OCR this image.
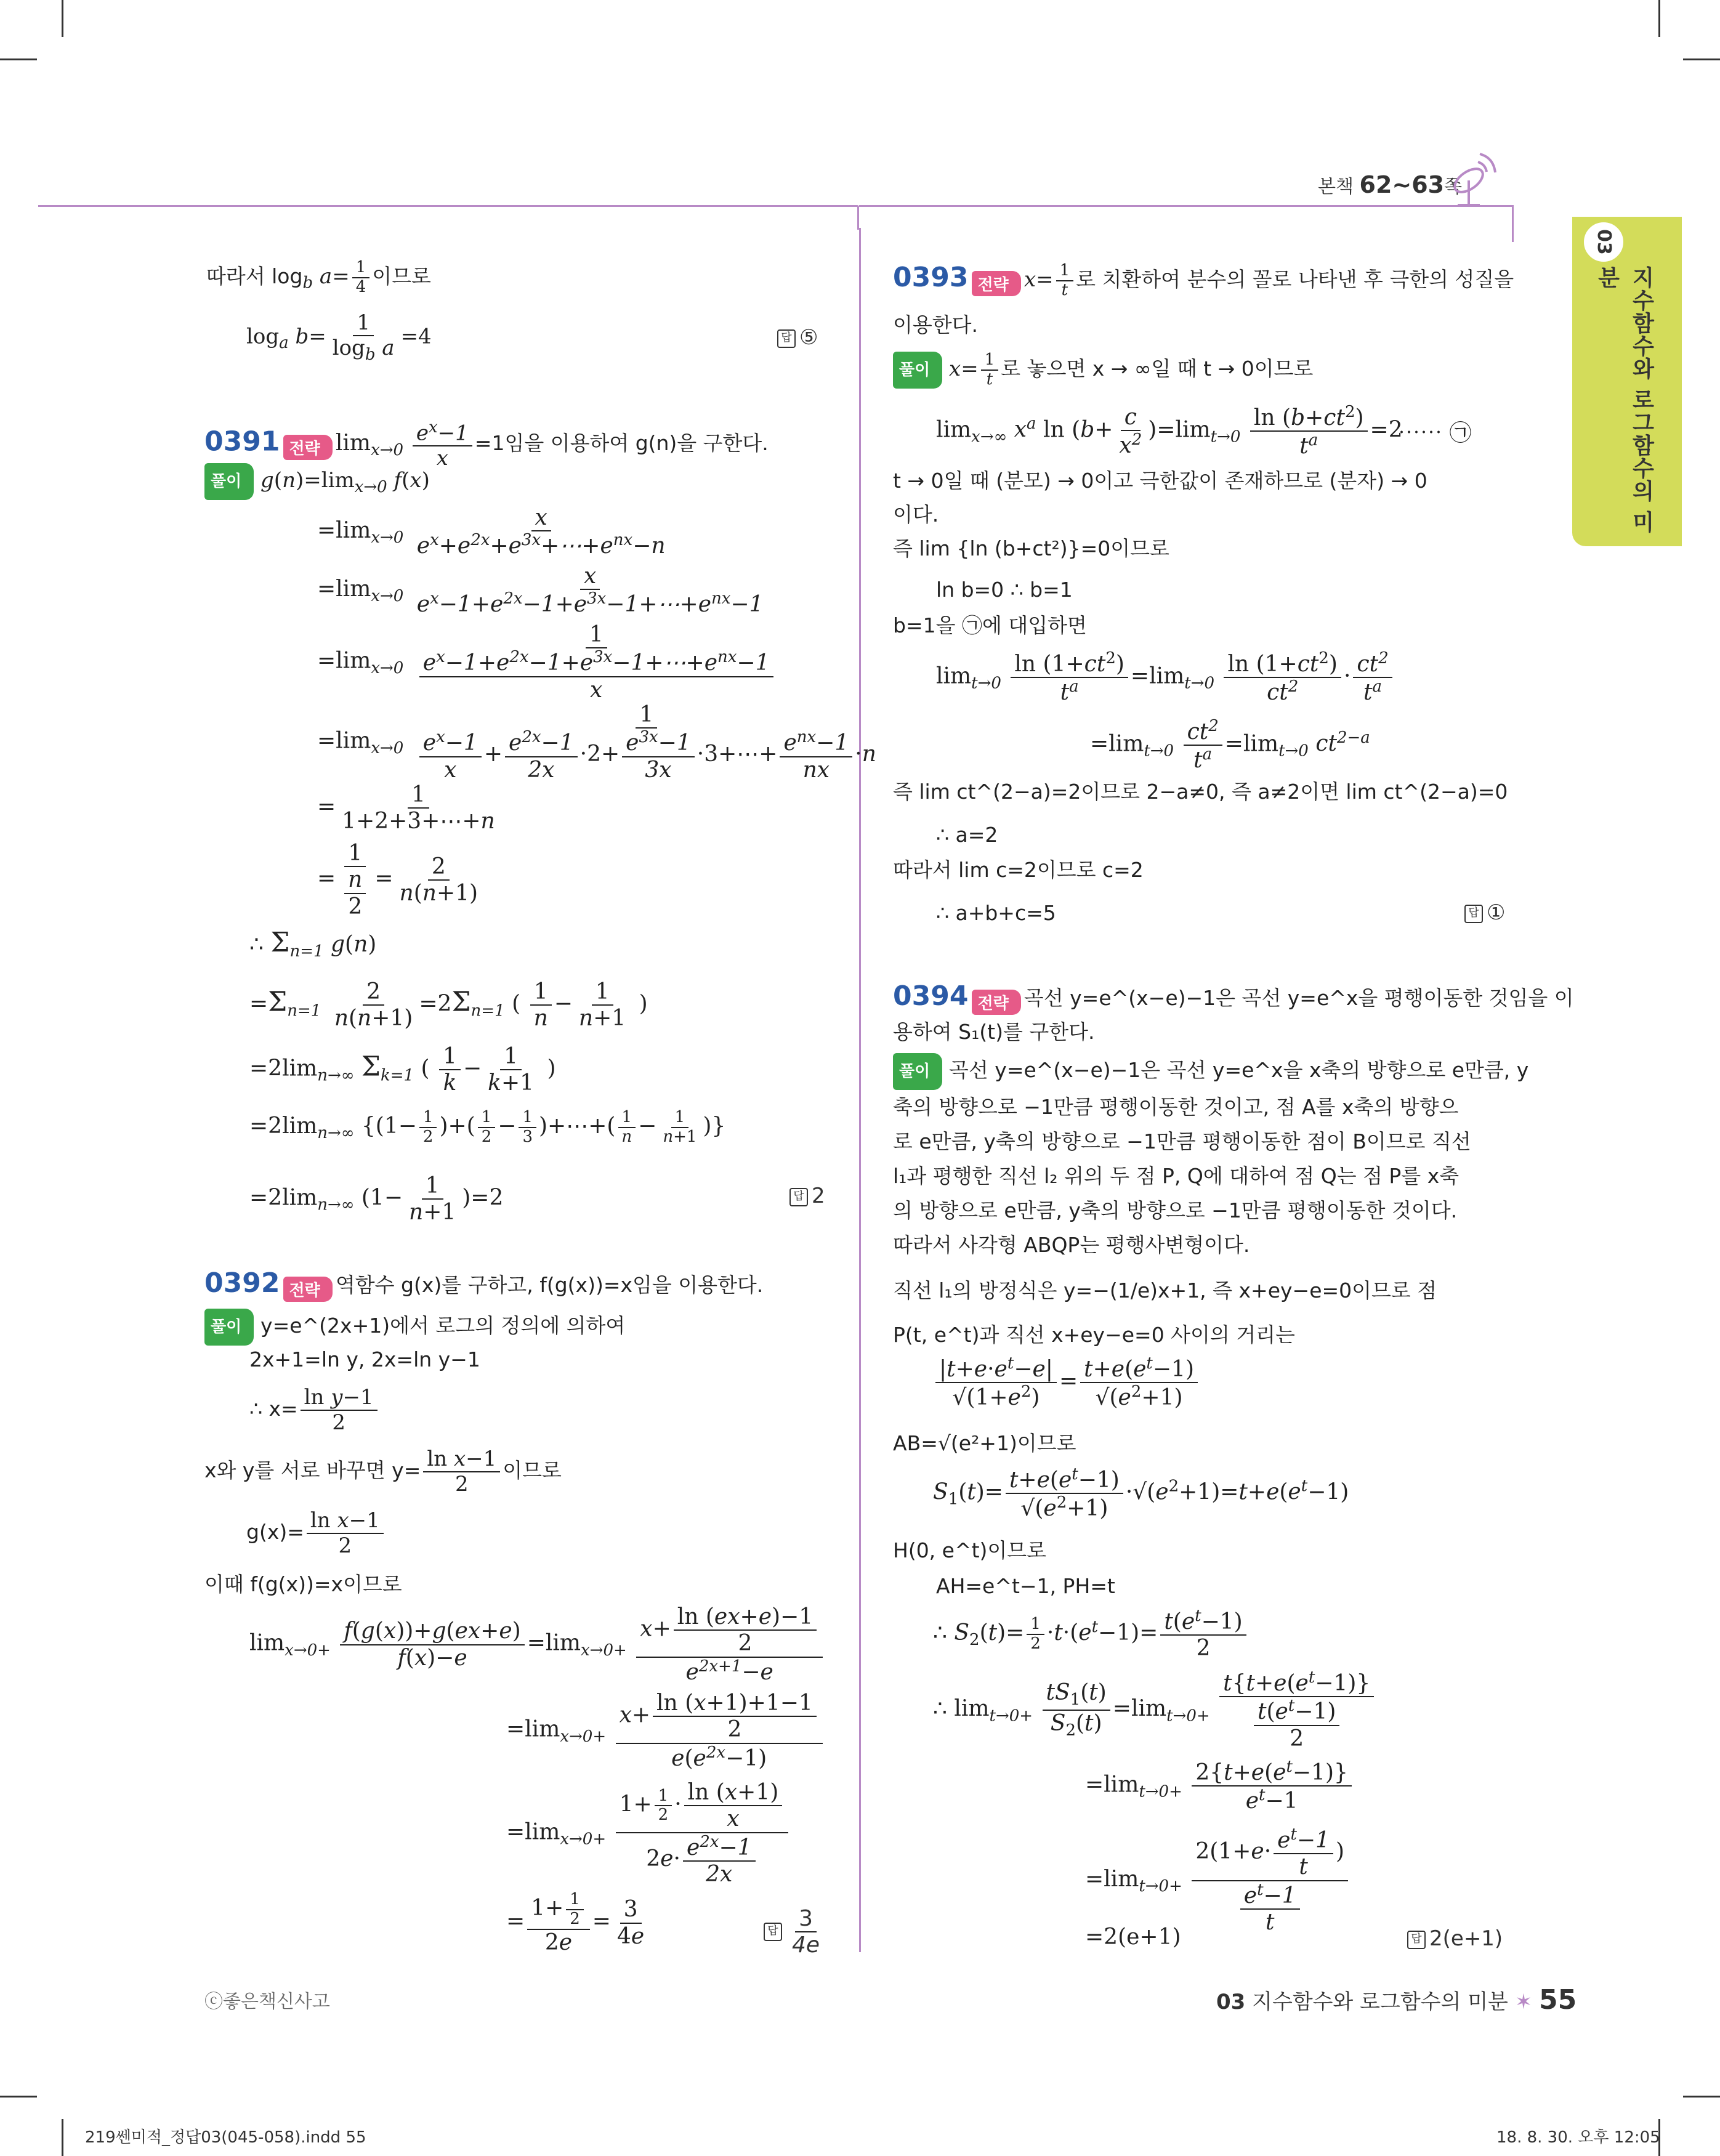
본책 62~63쪽
03
지수함수와 로그함수의 미분
따라서 $\log_b a= \frac{1}{4}$ 이므로
$\log_a b= \frac{1}{\log_b a} =4$	답 ⑤
0391 전략 $\lim_{x\to 0} \frac{e^x-1}{x} =1$임을 이용하여 g(n)을 구한다.
풀이 $g(n)=\lim_{x\to 0}$ f(x)
$=\lim_{x\to 0} \frac{x}{e^x+e^{2x}+e^{3x}+\cdots+e^{nx}-n}$
$=\lim_{x\to 0} \frac{x}{e^x-1+e^{2x}-1+e^{3x}-1+\cdots+e^{nx}-1}$
$=\lim_{x\to 0} \frac{1}{\frac{e^x-1+e^{2x}-1+e^{3x}-1+\cdots+e^{nx}-1}{x}}$
$=\lim_{x\to 0} \frac{1}{\frac{e^x-1}{x} + \frac{e^{2x}-1}{2x} \cdot 2+ \frac{e^{3x}-1}{3x} \cdot 3+\cdots+ \frac{e^{nx}-1}{nx} \cdot n}$
= $\frac{1}{1+2+3+\cdots+n}$
= $\frac{1}{\frac{n}{2}} = \frac{2}{n(n+1)}$
∴ $\Sigma_{n=1}$ g(n)
$=\Sigma_{n=1} \frac{2}{n(n+1)} =2\Sigma_{n=1}$ ( $\frac{1}{n} - \frac{1}{n+1}$ )
$=2\lim_{n\to\infty}$ $\Sigma_{k=1}$ ( $\frac{1}{k} - \frac{1}{k+1}$ )
$=2\lim_{n\to\infty}$ {($1- \frac{1}{2}$ )+( $\frac{1}{2} - \frac{1}{3}$ )+⋯+( $\frac{1}{n} - \frac{1}{n+1}$ )}
$=2\lim_{n\to\infty}$ $(1- \frac{1}{n+1} )=2$	답 2
0392 전략 역함수 g(x)를 구하고, f(g(x))=x임을 이용한다.
풀이 y=e^(2x+1)에서 로그의 정의에 의하여
2x+1=ln y, 2x=ln y−1
∴ $x= \frac{\text{ln y−1}}{2}$
x와 y를 서로 바꾸면 $y= \frac{\text{ln x−1}}{2}$ 이므로
$g(x)= \frac{\text{ln x−1}}{2}$
이때 f(g(x))=x이므로
$\lim_{x\to 0+} \frac{f(g(x))+g(ex+e)}{f(x)-e} =\lim_{x\to 0+} \frac{x+ \frac{\ln (ex+e)-1}{2}}{e^{2x+1}-e}$
$=\lim_{x\to 0+} \frac{x+ \frac{\ln (x+1)+1-1}{2}}{e(e^{2x}-1)}$
$=\lim_{x\to 0+} \frac{1+ \frac{1}{2} \cdot \frac{\ln (x+1)}{x}}{2e\cdot \frac{e^{2x}-1}{2x}}$
= $\frac{1+ \frac{1}{2}}{2e} = \frac{3}{4e}$	답 $\frac{3}{4e}$
0393 전략 $x= \frac{1}{t}$ 로 치환하여 분수의 꼴로 나타낸 후 극한의 성질을
이용한다.
풀이 $x= \frac{1}{t}$ 로 놓으면 x → ∞일 때 t → 0이므로
$\lim_{x\to\infty} x^a$ $\ln (b+ \frac{c}{x^2} )=\lim_{t\to 0} \frac{\ln (b+ct^2)}{t^a} =2$
⋯⋯ ㉠
t → 0일 때 (분모) → 0이고 극한값이 존재하므로 (분자) → 0
이다.
즉 lim {ln (b+ct²)}=0이므로
ln b=0 ∴ b=1
b=1을 ㉠에 대입하면
$\lim_{t\to 0} \frac{\ln (1+ct^2)}{t^a} =\lim_{t\to 0} \frac{\ln (1+ct^2)}{ct^2} \cdot \frac{ct^2}{t^a}$
$=\lim_{t\to 0} \frac{ct^2}{t^a} =\lim_{t\to 0}$ $ct^{2-a}$
즉 lim ct^(2−a)=2이므로 2−a≠0, 즉 a≠2이면 lim ct^(2−a)=0
∴ a=2
따라서 lim c=2이므로 c=2
∴ a+b+c=5	답 ①
0394 전략 곡선 y=e^(x−e)−1은 곡선 y=e^x을 평행이동한 것임을 이
용하여 S₁(t)를 구한다.
풀이 곡선 y=e^(x−e)−1은 곡선 y=e^x을 x축의 방향으로 e만큼, y
축의 방향으로 −1만큼 평행이동한 것이고, 점 A를 x축의 방향으
로 e만큼, y축의 방향으로 −1만큼 평행이동한 점이 B이므로 직선
l₁과 평행한 직선 l₂ 위의 두 점 P, Q에 대하여 점 Q는 점 P를 x축
의 방향으로 e만큼, y축의 방향으로 −1만큼 평행이동한 것이다.
따라서 사각형 ABQP는 평행사변형이다.
직선 l₁의 방정식은 y=−(1/e)x+1, 즉 x+ey−e=0이므로 점
P(t, e^t)과 직선 x+ey−e=0 사이의 거리는
$\frac{|t+e\cdot e^t-e|}{√(1+e^2)} = \frac{t+e(e^t-1)}{√(e^2+1)}$
AB=√(e²+1)이므로
$S_1(t)= \frac{t+e(e^t-1)}{√(e^2+1)} \cdot√(e^2+1)=t+e(e^t-1)$
H(0, e^t)이므로
AH=e^t−1, PH=t
∴ $S_2(t)= \frac{1}{2} \cdot t\cdot(e^t-1)= \frac{t(e^t-1)}{2}$
∴ $\lim_{t\to 0+} \frac{tS_1(t)}{S_2(t)} =\lim_{t\to 0+} \frac{t\{t+e(e^t-1)\}}{\frac{t(e^t-1)}{2}}$
$=\lim_{t\to 0+} \frac{2\{t+e(e^t-1)\}}{e^t-1}$
$=\lim_{t\to 0+} \frac{2(1+e\cdot \frac{e^t-1}{t} )}{\frac{e^t-1}{t}}$
=2(e+1)	답 2(e+1)
ⓒ좋은책신사고	03 지수함수와 로그함수의 미분 ✶ 55
219쎈미적_정답03(045-058).indd 55	18. 8. 30. 오후 12:05
